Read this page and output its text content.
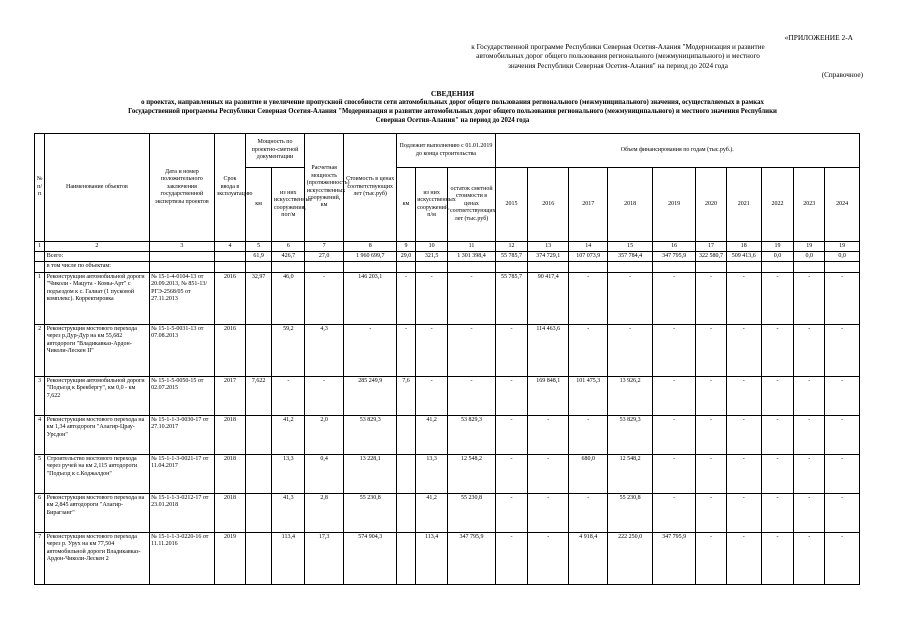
«ПРИЛОЖЕНИЕ 2-А
к Государственной программе Республики Северная Осетия-Алания "Модернизация и развитие
автомобильных дорог общего пользования регионального (межмуниципального) и местного
значения Республики Северная Осетия-Алания" на период до 2024 года
(Справочное)
СВЕДЕНИЯ
о проектах, направленных на развитие и увеличение пропускной способности сети автомобильных дорог общего пользования регионального (межмуниципального) значения, осуществляемых в рамках
Государственной программы Республики Северная Осетия-Алания "Модернизация и развитие автомобильных дорог общего пользования регионального (межмуниципального) и местного значения Республики
Северная Осетия-Алания" на период до 2024 года
№ п/п	Наименование объектов	Дата и номер положительного заключения государственной экспертизы проектов	Срок ввода в эксплуатацию	Мощность по проектно-сметной документации		Расчетная мощность (протяженность) искусственных сооружений, км	Стоимость в ценах соответствующих лет (тыс.руб)	Подлежит выполнению с 01.01.2019 до конца строительства			Объем финансирования по годам (тыс.руб.).									
				км	из них искусственные сооружения, пог/м			км	из них искусственных сооружений, п/м	остаток сметной стоимости в ценах соответствующих лет (тыс.руб)	2015	2016	2017	2018	2019	2020	2021	2022	2023	2024
1	2	3	4	5	6	7	8	9	10	11	12	13	14	15	16	17	18	19	19	19
	Всего:			61,9	426,7	27,0	1 960 699,7	29,0	321,5	1 301 398,4	55 785,7	374 729,1	107 073,9	357 784,4	347 795,9	322 580,7	509 413,6	0,0	0,0	0,0
	в том числе по объектам:																			
1	Реконструкция автомобильной дороги "Чиколи - Мацута - Комы-Арт" с подъездом к с. Галиат (1 пусковой комплекс). Корректировка	№ 15-1-4-0104-13 от 20.09.2013, № 851-13/РГЭ-2568/05 от 27.11.2013	2016	32,97	46,0	-	146 203,1	-	-	-	55 785,7	90 417,4	-	-	-	-	-	-	-	-
2	Реконструкция мостового перехода через р.Дур-Дур на км 55,682 автодороги "Владикавказ-Ардон-Чиколи-Лескен II"	№ 15-1-5-0031-13 от 07.08.2013	2016		59,2	4,3	-	-	-	-	-	114 463,6	-	-	-	-	-	-	-	-
3	Реконструкция автомобильной дороги "Подъезд к Брекбергу", км 0,0 - км 7,622	№ 15-1-5-0050-15 от 02.07.2015	2017	7,622	-	-	285 249,9	7,6	-	-	-	169 848,1	101 475,3	13 926,2	-	-	-	-	-	-
4	Реконструкция мостового перехода на км 1,34 автодороги "Алагир-Црау-Урсдон"	№ 15-1-1-3-0030-17 от 27.10.2017	2018		41,2	2,0	53 829,3		41,2	53 829,3	-	-	-	53 829,3	-	-	-	-	-	-
5	Строительство мостового перехода через ручей на км 2,115 автодороги "Подъезд к с.Коджалдон"	№ 15-1-1-3-0021-17 от 11.04.2017	2018		13,3	0,4	13 228,1		13,3	12 548,2	-	-	680,0	12 548,2	-	-	-	-	-	-
6	Реконструкция мостового перехода на км 2,845 автодороги "Алагир-Бирагзанг"	№ 15-1-1-3-0212-17 от 23.01.2018	2018		41,3	2,8	55 230,8		41,2	55 230,8	-	-	-	55 230,8	-	-	-	-	-	-
7	Реконструкция мостового перехода через р. Урух на км 77,504 автомобильной дороги Владикавказ-Ардон-Чиколи-Лескен 2	№ 15-1-1-3-0220-16 от 11.11.2016	2019		113,4	17,3	574 904,3		113,4	347 795,9	-	-	4 918,4	222 250,0	347 795,9	-	-	-	-	-
